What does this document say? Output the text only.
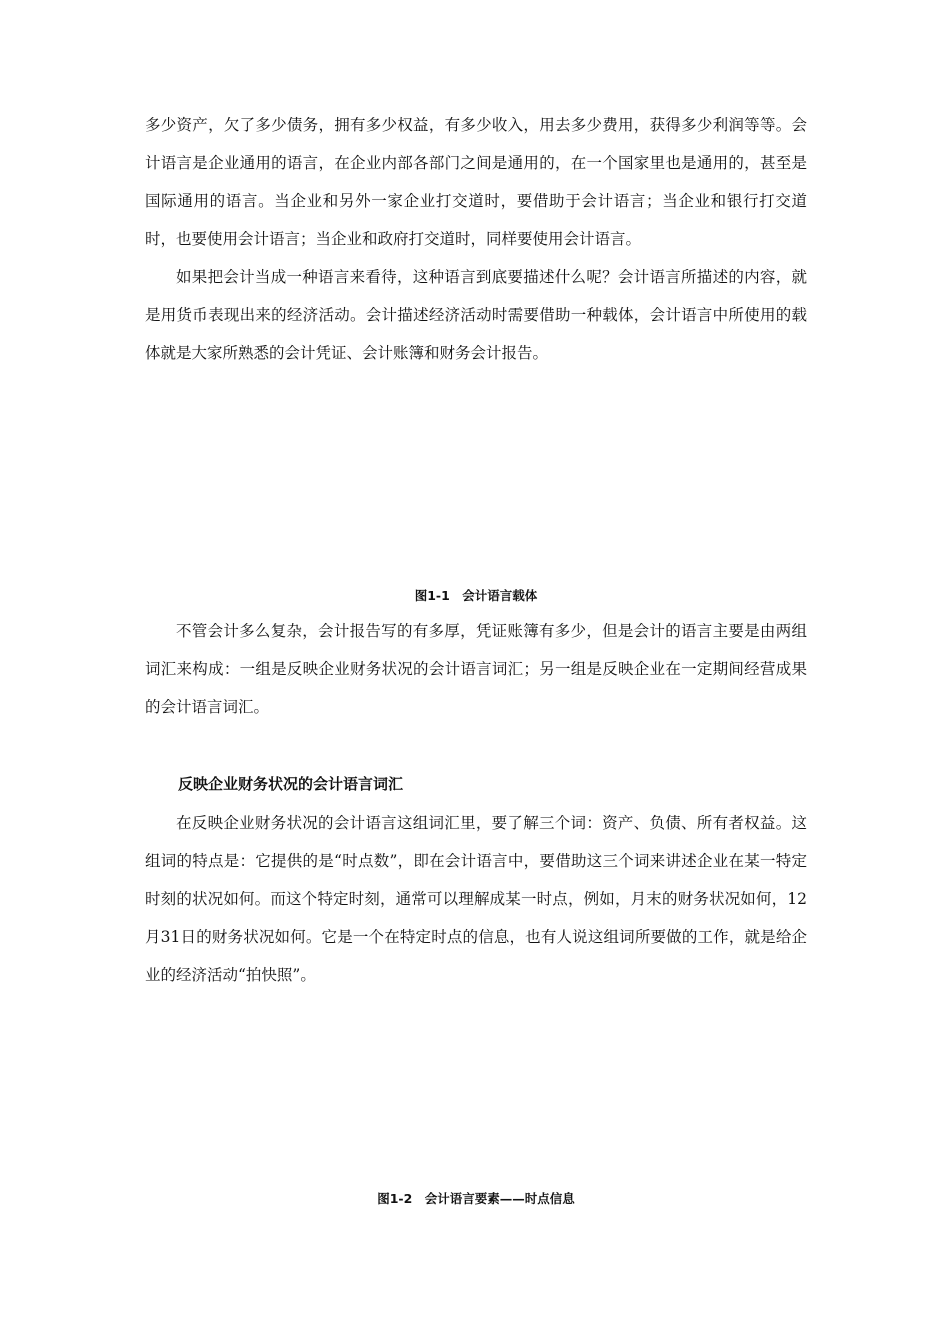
多少资产，欠了多少债务，拥有多少权益，有多少收入，用去多少费用，获得多少利润等等。会计语言是企业通用的语言，在企业内部各部门之间是通用的，在一个国家里也是通用的，甚至是国际通用的语言。当企业和另外一家企业打交道时，要借助于会计语言；当企业和银行打交道时，也要使用会计语言；当企业和政府打交道时，同样要使用会计语言。

如果把会计当成一种语言来看待，这种语言到底要描述什么呢？会计语言所描述的内容，就是用货币表现出来的经济活动。会计描述经济活动时需要借助一种载体，会计语言中所使用的载体就是大家所熟悉的会计凭证、会计账簿和财务会计报告。

图1-1　会计语言载体

不管会计多么复杂，会计报告写的有多厚，凭证账簿有多少，但是会计的语言主要是由两组词汇来构成：一组是反映企业财务状况的会计语言词汇；另一组是反映企业在一定期间经营成果的会计语言词汇。

反映企业财务状况的会计语言词汇

在反映企业财务状况的会计语言这组词汇里，要了解三个词：资产、负债、所有者权益。这组词的特点是：它提供的是“时点数”，即在会计语言中，要借助这三个词来讲述企业在某一特定时刻的状况如何。而这个特定时刻，通常可以理解成某一时点，例如，月末的财务状况如何，12月31日的财务状况如何。它是一个在特定时点的信息，也有人说这组词所要做的工作，就是给企业的经济活动“拍快照”。

图1-2　会计语言要素——时点信息
